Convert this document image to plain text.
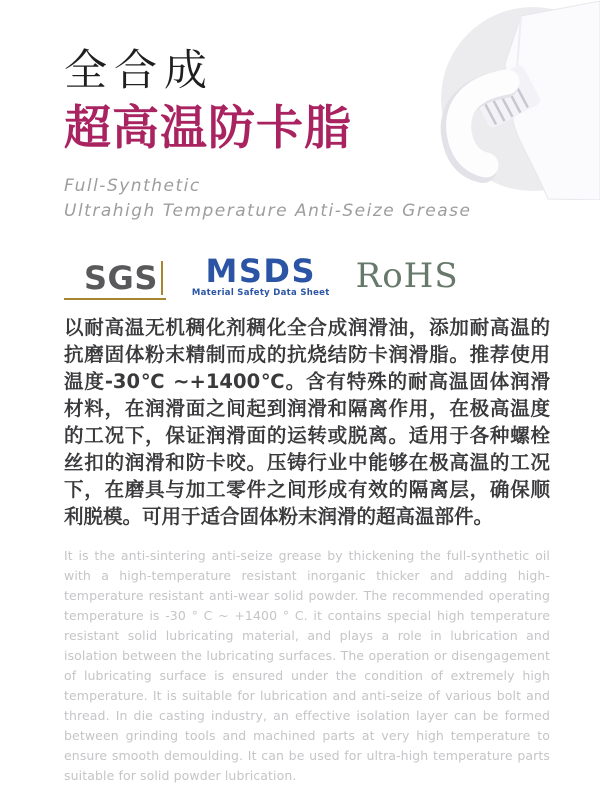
全合成
超高温防卡脂
Full-Synthetic
Ultrahigh Temperature Anti-Seize Grease
SGS	MSDS
Material Safety Data Sheet RoHS

以耐高温无机稠化剂稠化全合成润滑油，添加耐高温的抗磨固体粉末精制而成的抗烧结防卡润滑脂。推荐使用温度-30℃ ~+1400℃。含有特殊的耐高温固体润滑材料，在润滑面之间起到润滑和隔离作用，在极高温度的工况下，保证润滑面的运转或脱离。适用于各种螺栓丝扣的润滑和防卡咬。压铸行业中能够在极高温的工况下，在磨具与加工零件之间形成有效的隔离层，确保顺利脱模。可用于适合固体粉末润滑的超高温部件。

It is the anti-sintering anti-seize grease by thickening the full-synthetic oil with a high-temperature resistant inorganic thicker and adding high-temperature resistant anti-wear solid powder. The recommended operating temperature is -30 ° C ~ +1400 ° C. it contains special high temperature resistant solid lubricating material, and plays a role in lubrication and isolation between the lubricating surfaces. The operation or disengagement of lubricating surface is ensured under the condition of extremely high temperature. It is suitable for lubrication and anti-seize of various bolt and thread. In die casting industry, an effective isolation layer can be formed between grinding tools and machined parts at very high temperature to ensure smooth demoulding. It can be used for ultra-high temperature parts suitable for solid powder lubrication.
